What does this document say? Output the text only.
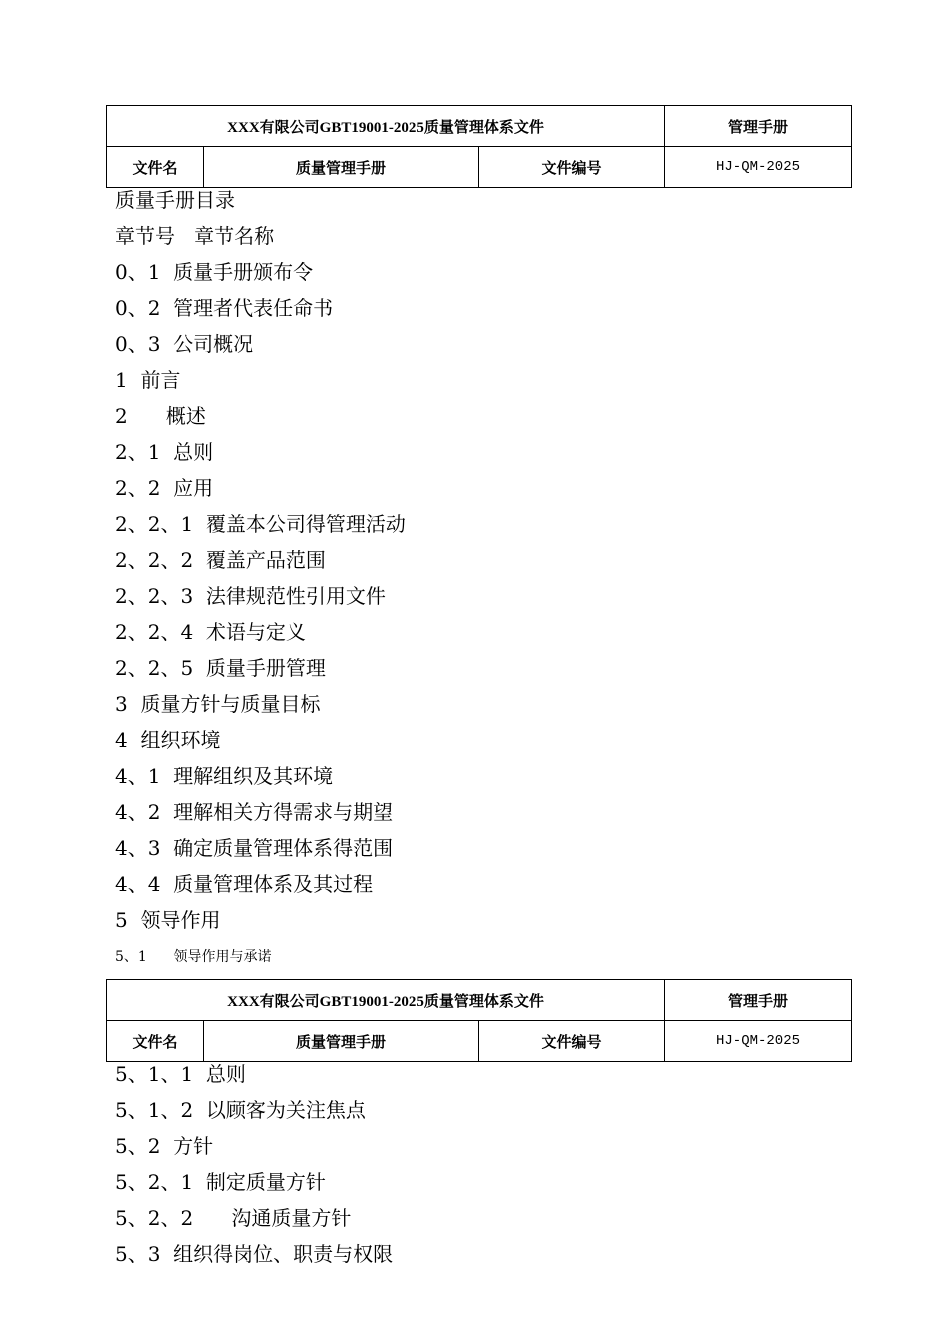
XXX有限公司GBT19001-2025质量管理体系文件			管理手册
文件名	质量管理手册	文件编号	HJ-QM-2025
质量手册目录
章节号   章节名称
0、1 质量手册颁布令
0、2 管理者代表任命书
0、3 公司概况
1 前言
2 概述
2、1 总则
2、2 应用
2、2、1 覆盖本公司得管理活动
2、2、2 覆盖产品范围
2、2、3 法律规范性引用文件
2、2、4 术语与定义
2、2、5 质量手册管理
3 质量方针与质量目标
4 组织环境
4、1 理解组织及其环境
4、2 理解相关方得需求与期望
4、3 确定质量管理体系得范围
4、4 质量管理体系及其过程
5 领导作用
5、1 领导作用与承诺
XXX有限公司GBT19001-2025质量管理体系文件			管理手册
文件名	质量管理手册	文件编号	HJ-QM-2025
5、1、1 总则
5、1、2 以顾客为关注焦点
5、2 方针
5、2、1 制定质量方针
5、2、2 沟通质量方针
5、3 组织得岗位、职责与权限
